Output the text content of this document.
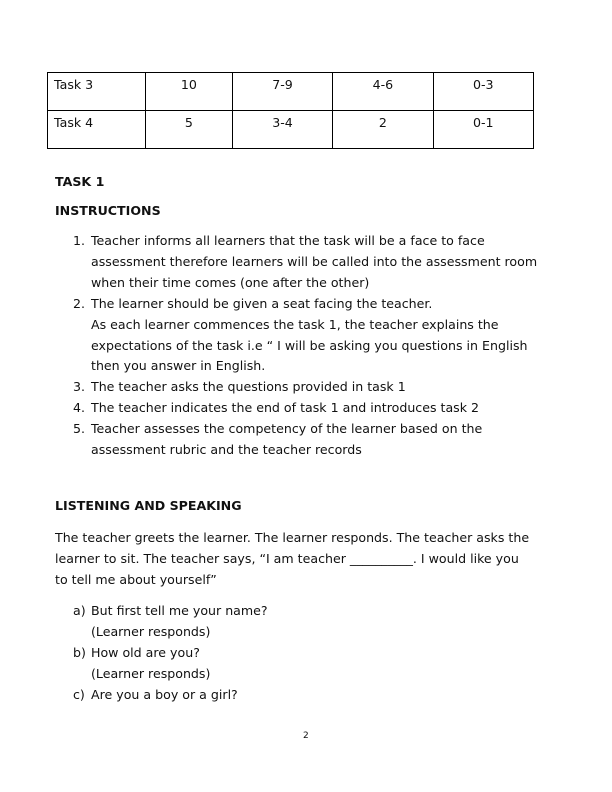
Task 3	10	7-9	4-6	0-3
Task 4	5	3-4	2	0-1
TASK 1
INSTRUCTIONS
1. Teacher informs all learners that the task will be a face to face
assessment therefore learners will be called into the assessment room
when their time comes (one after the other)
2. The learner should be given a seat facing the teacher.
As each learner commences the task 1, the teacher explains the
expectations of the task i.e “ I will be asking you questions in English
then you answer in English.
3. The teacher asks the questions provided in task 1
4. The teacher indicates the end of task 1 and introduces task 2
5. Teacher assesses the competency of the learner based on the
assessment rubric and the teacher records
LISTENING AND SPEAKING
The teacher greets the learner. The learner responds. The teacher asks the
learner to sit. The teacher says, “I am teacher __________. I would like you
to tell me about yourself”
a) But first tell me your name?
(Learner responds)
b) How old are you?
(Learner responds)
c) Are you a boy or a girl?
2
